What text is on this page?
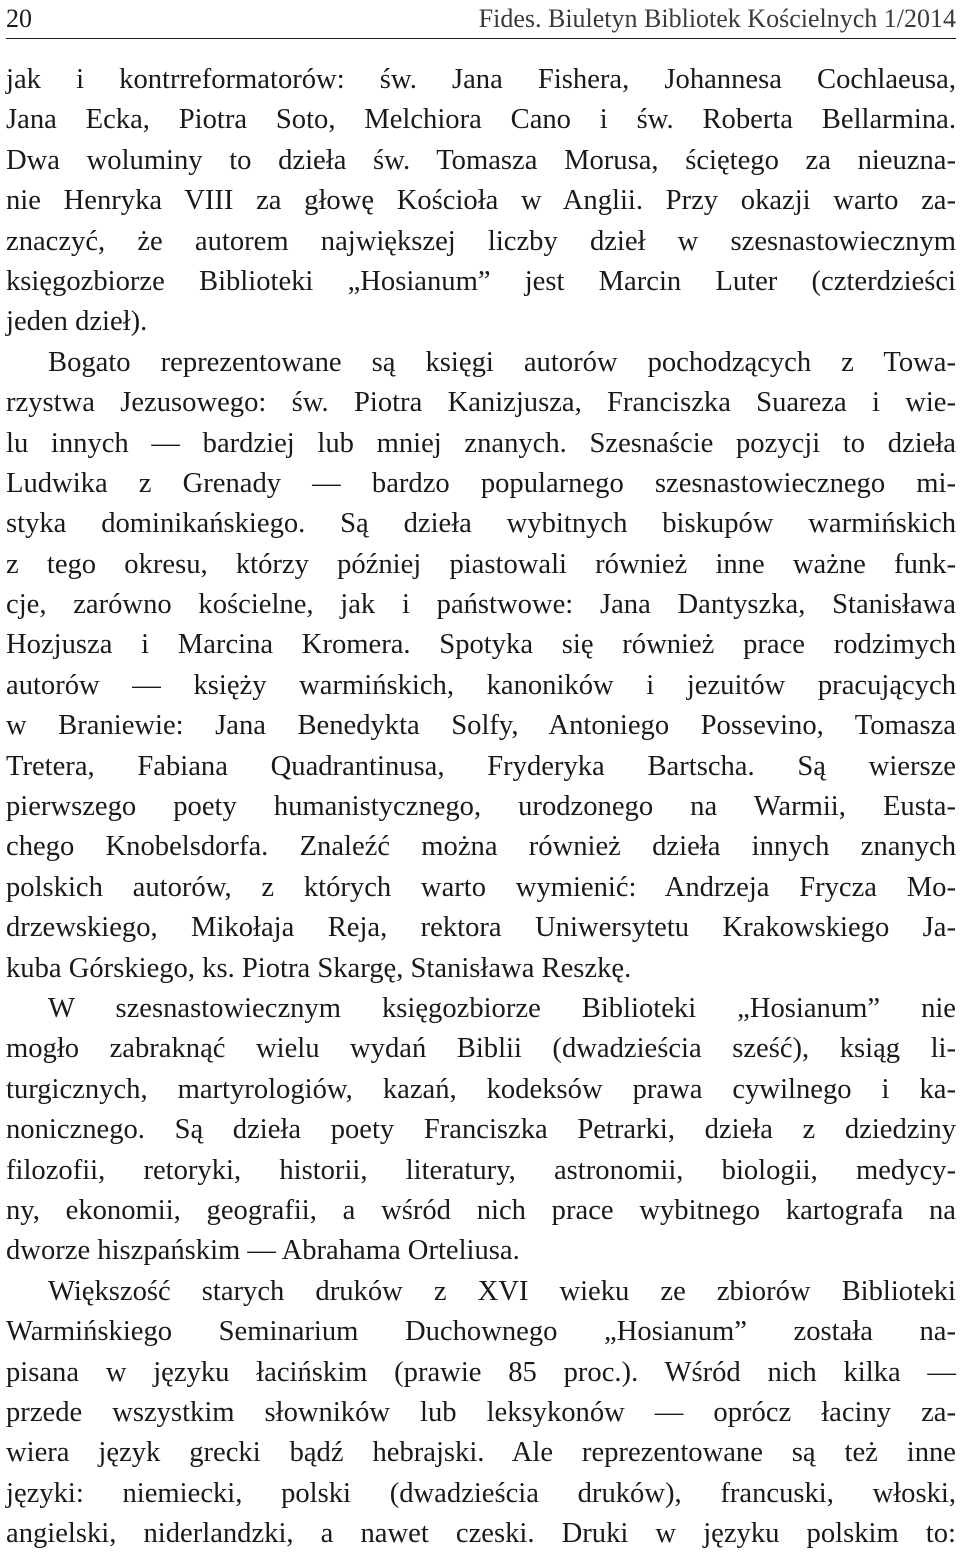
20	Fides. Biuletyn Bibliotek Kościelnych 1/2014
jak i kontrreformatorów: św. Jana Fishera, Johannesa Cochlaeusa,
Jana Ecka, Piotra Soto, Melchiora Cano i św. Roberta Bellarmina.
Dwa woluminy to dzieła św. Tomasza Morusa, ściętego za nieuzna-
nie Henryka VIII za głowę Kościoła w Anglii. Przy okazji warto za-
znaczyć, że autorem największej liczby dzieł w szesnastowiecznym
księgozbiorze Biblioteki „Hosianum” jest Marcin Luter (czterdzieści
jeden dzieł).
Bogato reprezentowane są księgi autorów pochodzących z Towa-
rzystwa Jezusowego: św. Piotra Kanizjusza, Franciszka Suareza i wie-
lu innych — bardziej lub mniej znanych. Szesnaście pozycji to dzieła
Ludwika z Grenady — bardzo popularnego szesnastowiecznego mi-
styka dominikańskiego. Są dzieła wybitnych biskupów warmińskich
z tego okresu, którzy później piastowali również inne ważne funk-
cje, zarówno kościelne, jak i państwowe: Jana Dantyszka, Stanisława
Hozjusza i Marcina Kromera. Spotyka się również prace rodzimych
autorów — księży warmińskich, kanoników i jezuitów pracujących
w Braniewie: Jana Benedykta Solfy, Antoniego Possevino, Tomasza
Tretera, Fabiana Quadrantinusa, Fryderyka Bartscha. Są wiersze
pierwszego poety humanistycznego, urodzonego na Warmii, Eusta-
chego Knobelsdorfa. Znaleźć można również dzieła innych znanych
polskich autorów, z których warto wymienić: Andrzeja Frycza Mo-
drzewskiego, Mikołaja Reja, rektora Uniwersytetu Krakowskiego Ja-
kuba Górskiego, ks. Piotra Skargę, Stanisława Reszkę.
W szesnastowiecznym księgozbiorze Biblioteki „Hosianum” nie
mogło zabraknąć wielu wydań Biblii (dwadzieścia sześć), ksiąg li-
turgicznych, martyrologiów, kazań, kodeksów prawa cywilnego i ka-
nonicznego. Są dzieła poety Franciszka Petrarki, dzieła z dziedziny
filozofii, retoryki, historii, literatury, astronomii, biologii, medycy-
ny, ekonomii, geografii, a wśród nich prace wybitnego kartografa na
dworze hiszpańskim — Abrahama Orteliusa.
Większość starych druków z XVI wieku ze zbiorów Biblioteki
Warmińskiego Seminarium Duchownego „Hosianum” została na-
pisana w języku łacińskim (prawie 85 proc.). Wśród nich kilka —
przede wszystkim słowników lub leksykonów — oprócz łaciny za-
wiera język grecki bądź hebrajski. Ale reprezentowane są też inne
języki: niemiecki, polski (dwadzieścia druków), francuski, włoski,
angielski, niderlandzki, a nawet czeski. Druki w języku polskim to:
